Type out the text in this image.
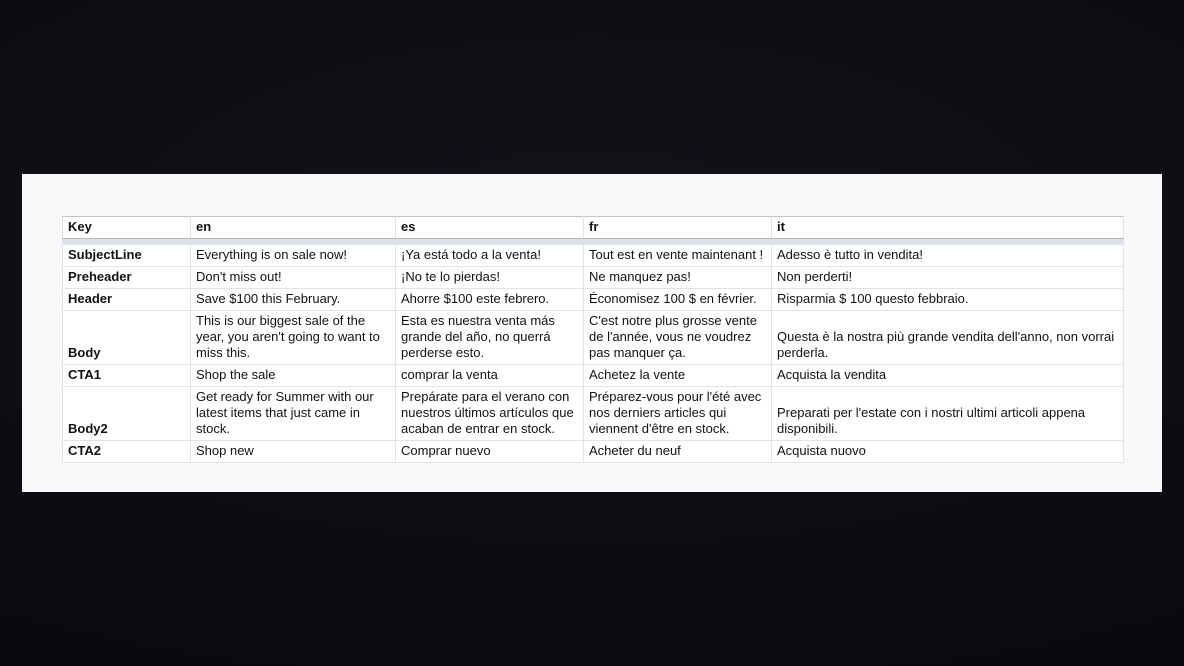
Key	en	es	fr	it

SubjectLine	Everything is on sale now!	¡Ya está todo a la venta!	Tout est en vente maintenant !	Adesso è tutto in vendita!
Preheader	Don't miss out!	¡No te lo pierdas!	Ne manquez pas!	Non perderti!
Header	Save $100 this February.	Ahorre $100 este febrero.	Économisez 100 $ en février.	Risparmia $ 100 questo febbraio.
Body	This is our biggest sale of the year, you aren't going to want to miss this.	Esta es nuestra venta más grande del año, no querrá perderse esto.	C'est notre plus grosse vente de l'année, vous ne voudrez pas manquer ça.	Questa è la nostra più grande vendita dell'anno, non vorrai perderla.
CTA1	Shop the sale	comprar la venta	Achetez la vente	Acquista la vendita
Body2	Get ready for Summer with our latest items that just came in stock.	Prepárate para el verano con nuestros últimos artículos que acaban de entrar en stock.	Préparez-vous pour l'été avec nos derniers articles qui viennent d'être en stock.	Preparati per l'estate con i nostri ultimi articoli appena disponibili.
CTA2	Shop new	Comprar nuevo	Acheter du neuf	Acquista nuovo
